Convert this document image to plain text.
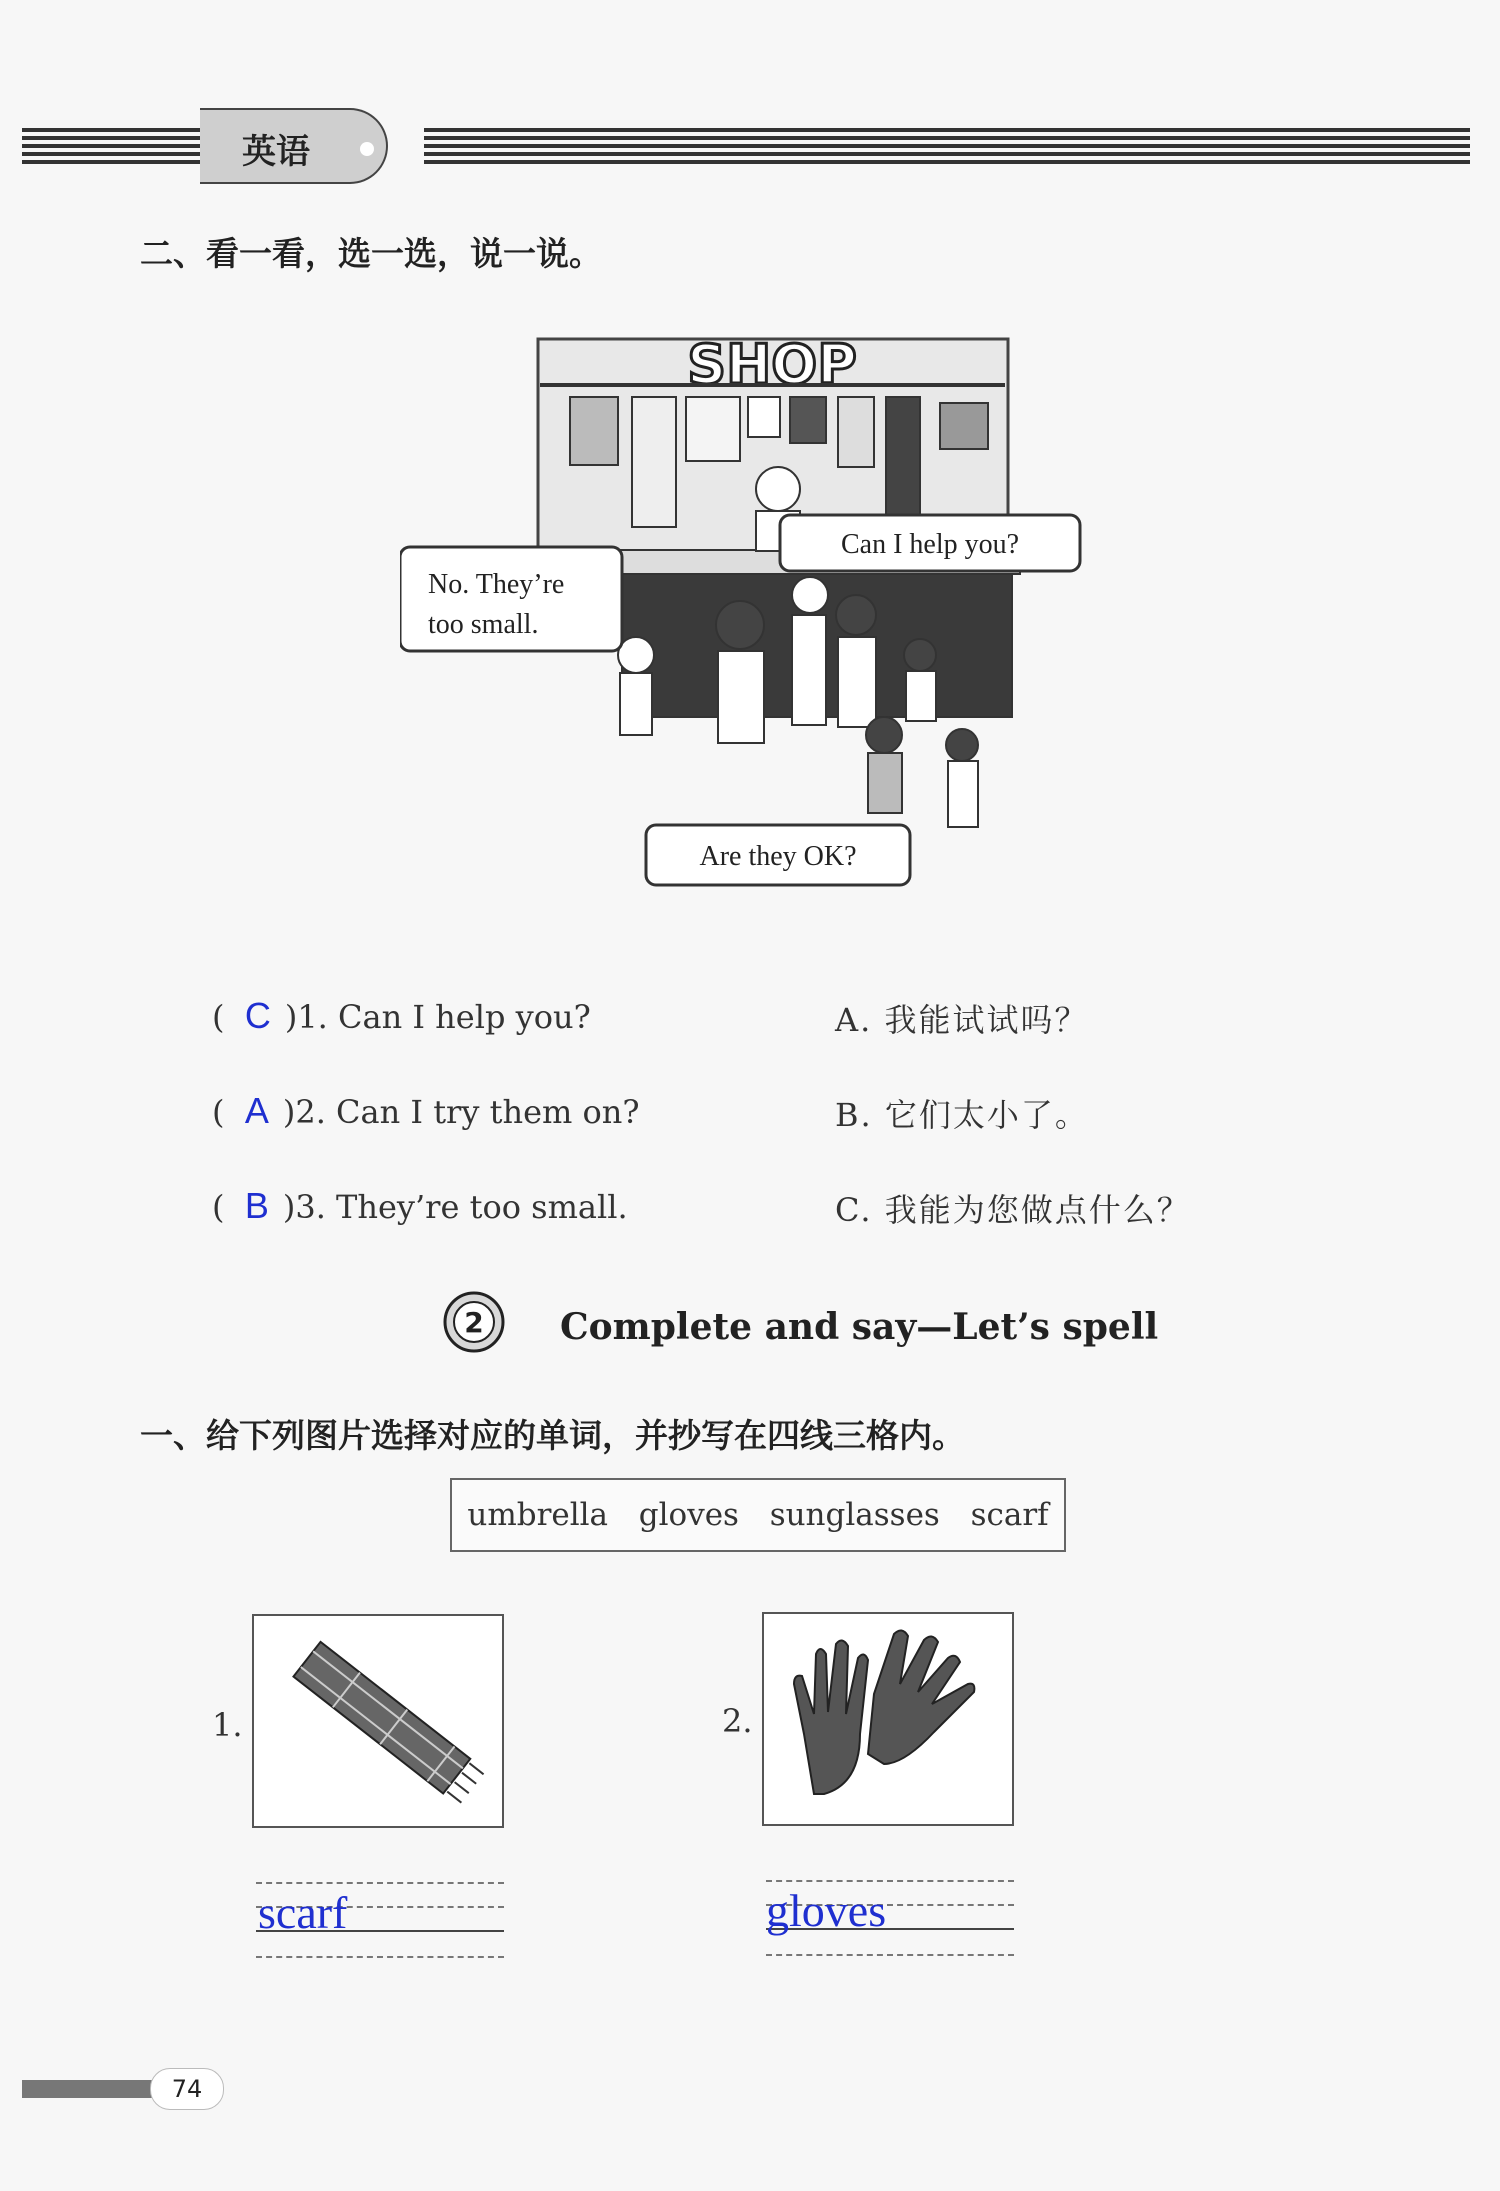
英语
二、看一看，选一选，说一说。
SHOP
Can I help you?
No. They’re
too small.
Are they OK?
(  C )1. Can I help you?
(  A )2. Can I try them on?
(  B )3. They’re too small.
A. 我能试试吗？
B. 它们太小了。
C. 我能为您做点什么？
2 Complete and say—Let’s spell
一、给下列图片选择对应的单词，并抄写在四线三格内。
umbrella gloves sunglasses scarf
1.
scarf
2.
gloves
74
